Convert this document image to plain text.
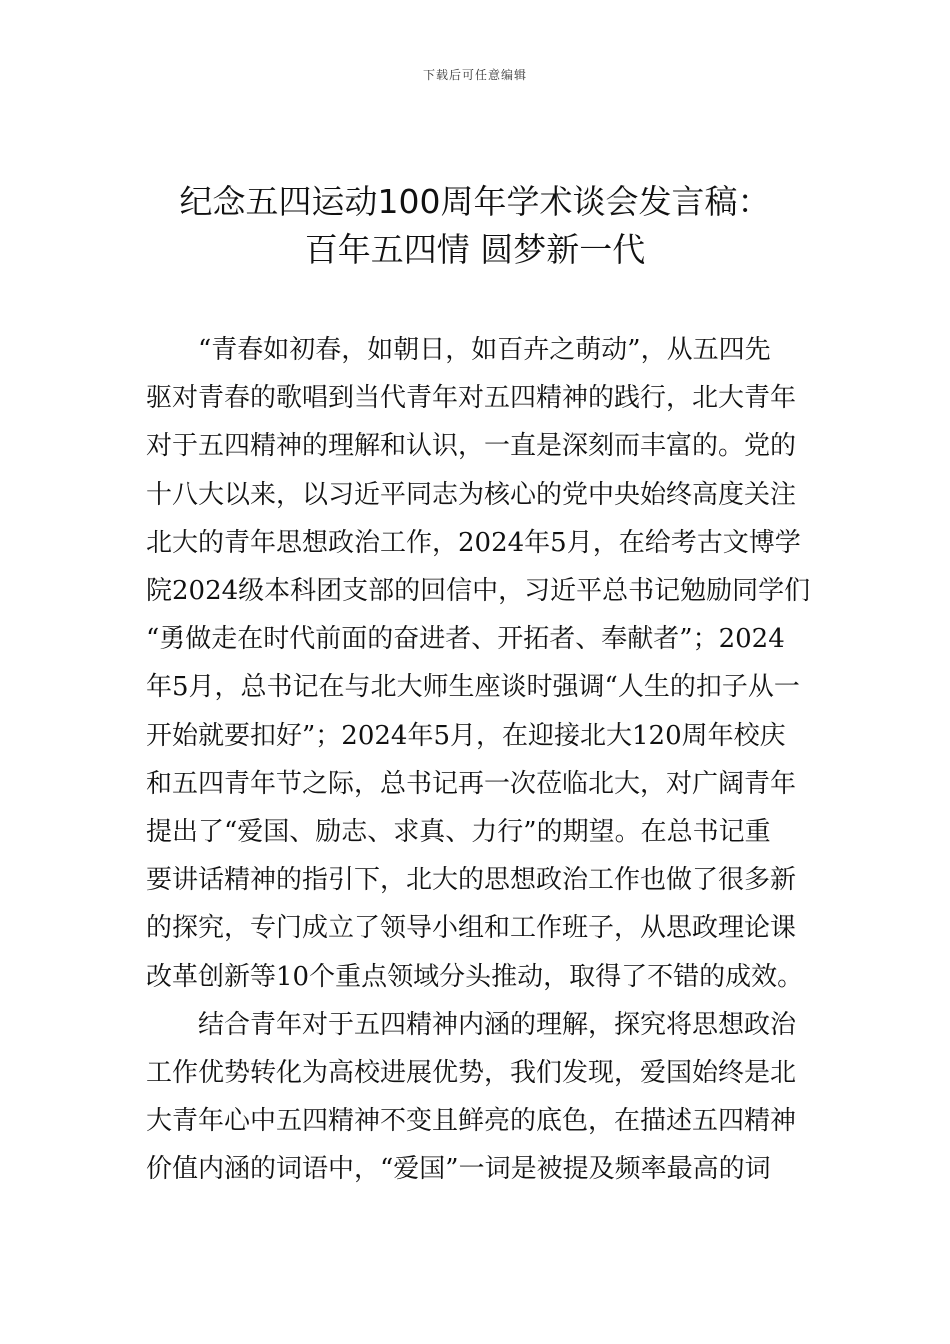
下载后可任意编辑
纪念五四运动100周年学术谈会发言稿：
百年五四情 圆梦新一代

“青春如初春，如朝日，如百卉之萌动”，从五四先
驱对青春的歌唱到当代青年对五四精神的践行，北大青年
对于五四精神的理解和认识，一直是深刻而丰富的。党的
十八大以来，以习近平同志为核心的党中央始终高度关注
北大的青年思想政治工作，2024年5月，在给考古文博学
院2024级本科团支部的回信中，习近平总书记勉励同学们
“勇做走在时代前面的奋进者、开拓者、奉献者”；2024
年5月，总书记在与北大师生座谈时强调“人生的扣子从一
开始就要扣好”；2024年5月，在迎接北大120周年校庆
和五四青年节之际，总书记再一次莅临北大，对广阔青年
提出了“爱国、励志、求真、力行”的期望。在总书记重
要讲话精神的指引下，北大的思想政治工作也做了很多新
的探究，专门成立了领导小组和工作班子，从思政理论课
改革创新等10个重点领域分头推动，取得了不错的成效。

结合青年对于五四精神内涵的理解，探究将思想政治
工作优势转化为高校进展优势，我们发现，爱国始终是北
大青年心中五四精神不变且鲜亮的底色，在描述五四精神
价值内涵的词语中，“爱国”一词是被提及频率最高的词
